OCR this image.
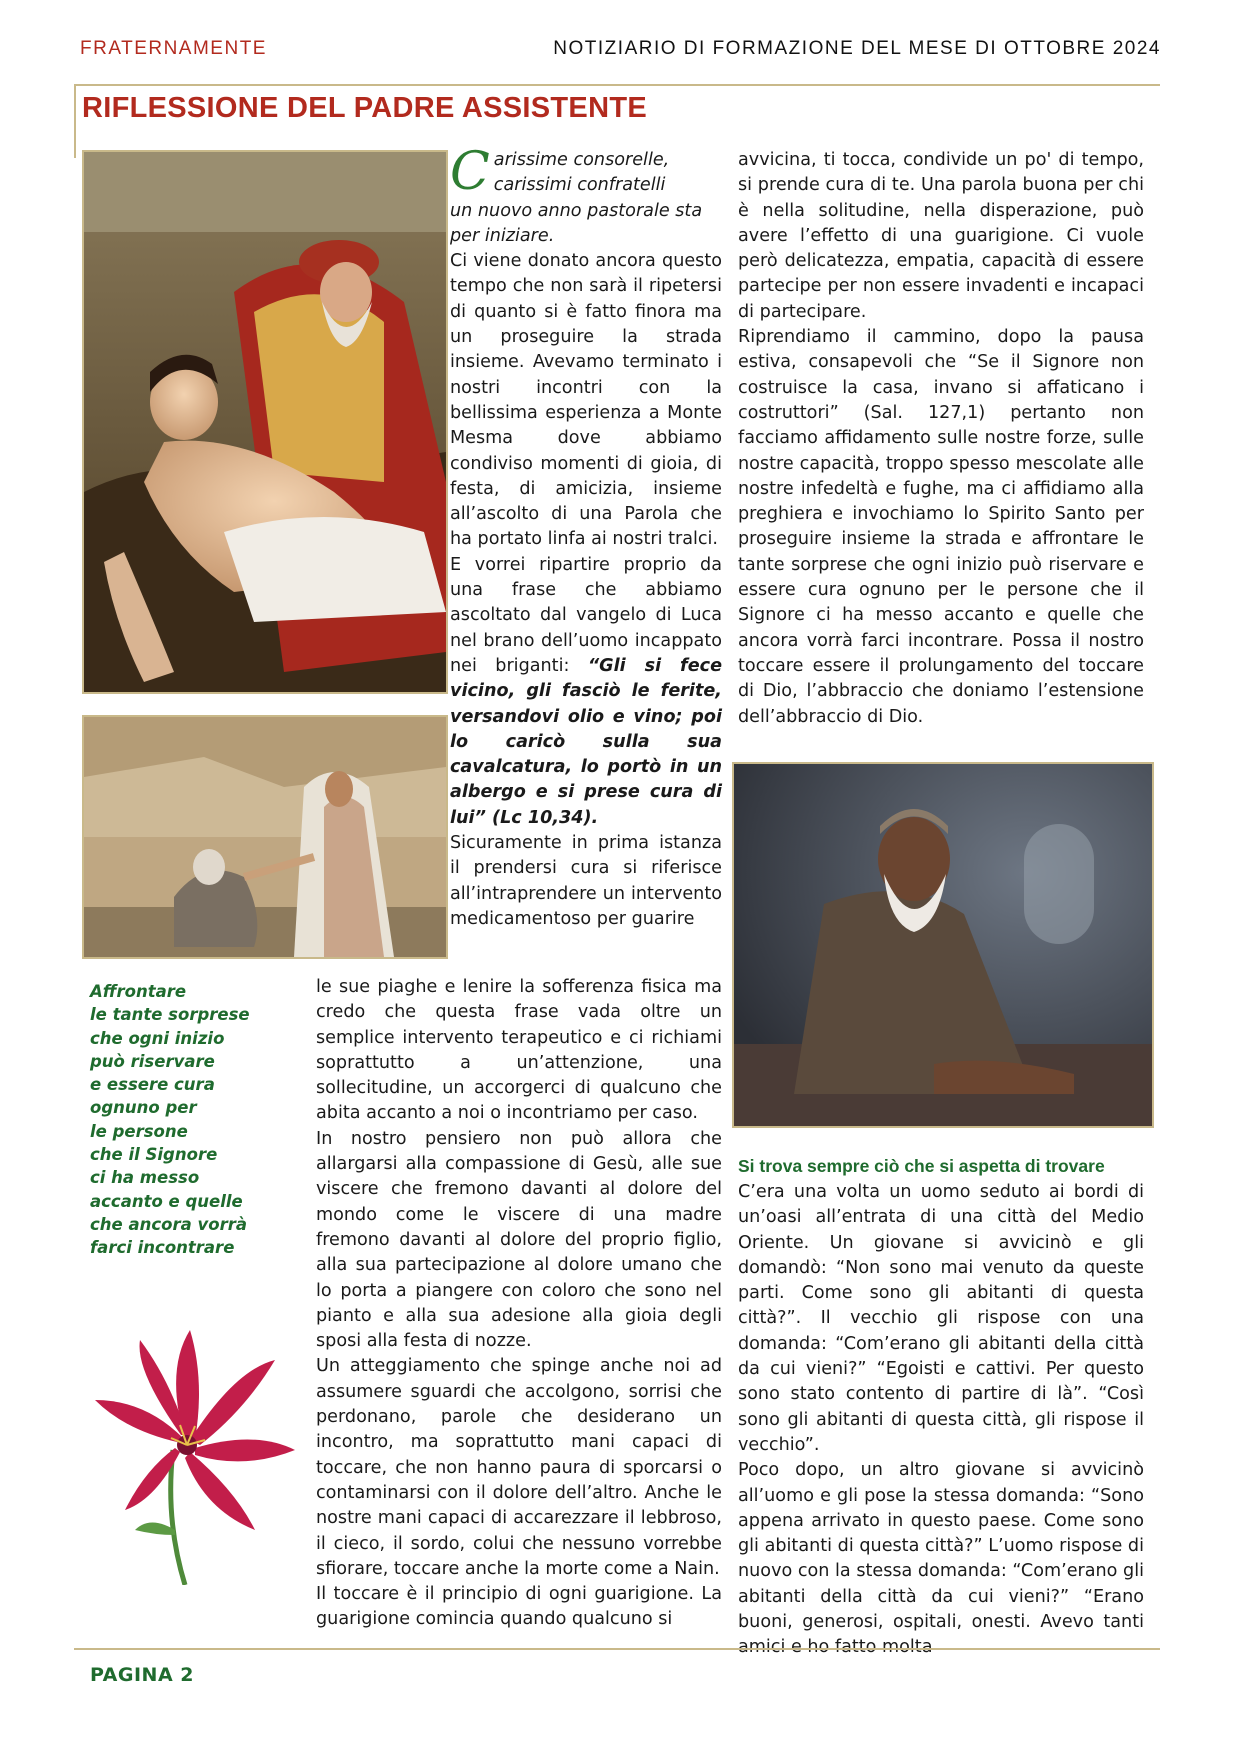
FRATERNAMENTE	NOTIZIARIO DI FORMAZIONE DEL MESE DI OTTOBRE 2024
RIFLESSIONE DEL PADRE ASSISTENTE
Affrontare
le tante sorprese
che ogni inizio
può riservare
e essere cura
ognuno per
le persone
che il Signore
ci ha messo
accanto e quelle
che ancora vorrà
farci incontrare
C arissime consorelle,

carissimi confratelli

un nuovo anno pastorale sta per iniziare.

Ci viene donato ancora questo tempo che non sarà il ripetersi di quanto si è fatto finora ma un proseguire la strada insieme. Avevamo terminato i nostri incontri con la bellissima esperienza a Monte Mesma dove abbiamo condiviso momenti di gioia, di festa, di amicizia, insieme all’ascolto di una Parola che ha portato linfa ai nostri tralci.

E vorrei ripartire proprio da una frase che abbiamo ascoltato dal vangelo di Luca nel brano dell’uomo incappato nei briganti: “Gli si fece vicino, gli fasciò le ferite, versandovi olio e vino; poi lo caricò sulla sua cavalcatura, lo portò in un albergo e si prese cura di lui” (Lc 10,34).

Sicuramente in prima istanza il prendersi cura si riferisce all’intraprendere un intervento medicamentoso per guarire

le sue piaghe e lenire la sofferenza fisica ma credo che questa frase vada oltre un semplice intervento terapeutico e ci richiami soprattutto a un’attenzione, una sollecitudine, un accorgerci di qualcuno che abita accanto a noi o incontriamo per caso.

In nostro pensiero non può allora che allargarsi alla compassione di Gesù, alle sue viscere che fremono davanti al dolore del mondo come le viscere di una madre fremono davanti al dolore del proprio figlio, alla sua partecipazione al dolore umano che lo porta a piangere con coloro che sono nel pianto e alla sua adesione alla gioia degli sposi alla festa di nozze.

Un atteggiamento che spinge anche noi ad assumere sguardi che accolgono, sorrisi che perdonano, parole che desiderano un incontro, ma soprattutto mani capaci di toccare, che non hanno paura di sporcarsi o contaminarsi con il dolore dell’altro. Anche le nostre mani capaci di accarezzare il lebbroso, il cieco, il sordo, colui che nessuno vorrebbe sfiorare, toccare anche la morte come a Nain.

Il toccare è il principio di ogni guarigione. La guarigione comincia quando qualcuno si

avvicina, ti tocca, condivide un po' di tempo, si prende cura di te. Una parola buona per chi è nella solitudine, nella disperazione, può avere l’effetto di una guarigione. Ci vuole però delicatezza, empatia, capacità di essere partecipe per non essere invadenti e incapaci di partecipare.

Riprendiamo il cammino, dopo la pausa estiva, consapevoli che “Se il Signore non costruisce la casa, invano si affaticano i costruttori” (Sal. 127,1) pertanto non facciamo affidamento sulle nostre forze, sulle nostre capacità, troppo spesso mescolate alle nostre infedeltà e fughe, ma ci affidiamo alla preghiera e invochiamo lo Spirito Santo per proseguire insieme la strada e affrontare le tante sorprese che ogni inizio può riservare e essere cura ognuno per le persone che il Signore ci ha messo accanto e quelle che ancora vorrà farci incontrare. Possa il nostro toccare essere il prolungamento del toccare di Dio, l’abbraccio che doniamo l’estensione dell’abbraccio di Dio.

Si trova sempre ciò che si aspetta di trovare

C’era una volta un uomo seduto ai bordi di un’oasi all’entrata di una città del Medio Oriente. Un giovane si avvicinò e gli domandò: “Non sono mai venuto da queste parti. Come sono gli abitanti di questa città?”. Il vecchio gli rispose con una domanda: “Com’erano gli abitanti della città da cui vieni?” “Egoisti e cattivi. Per questo sono stato contento di partire di là”. “Così sono gli abitanti di questa città, gli rispose il vecchio”.

Poco dopo, un altro giovane si avvicinò all’uomo e gli pose la stessa domanda: “Sono appena arrivato in questo paese. Come sono gli abitanti di questa città?” L’uomo rispose di nuovo con la stessa domanda: “Com’erano gli abitanti della città da cui vieni?” “Erano buoni, generosi, ospitali, onesti. Avevo tanti

PAGINA 2
